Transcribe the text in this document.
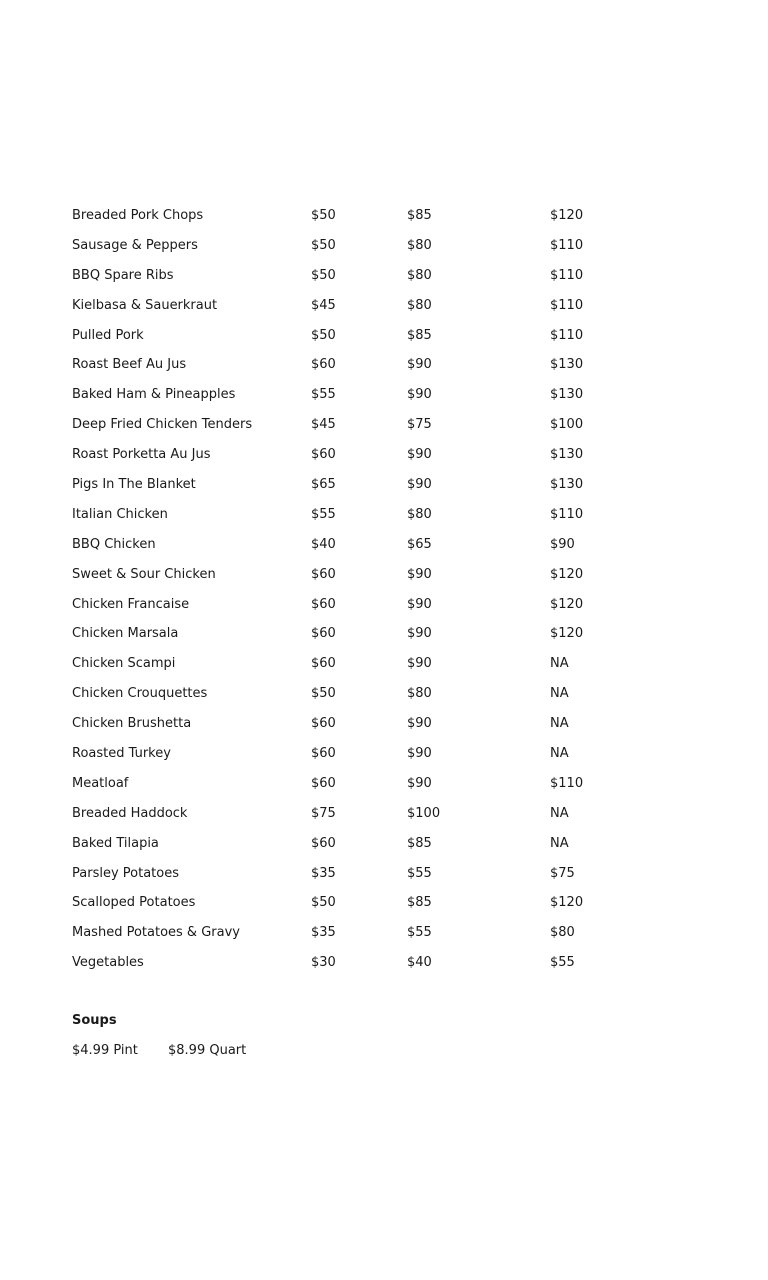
Breaded Pork Chops	$50	$85	$120
Sausage & Peppers	$50	$80	$110
BBQ Spare Ribs	$50	$80	$110
Kielbasa & Sauerkraut	$45	$80	$110
Pulled Pork	$50	$85	$110
Roast Beef Au Jus	$60	$90	$130
Baked Ham & Pineapples	$55	$90	$130
Deep Fried Chicken Tenders	$45	$75	$100
Roast Porketta Au Jus	$60	$90	$130
Pigs In The Blanket	$65	$90	$130
Italian Chicken	$55	$80	$110
BBQ Chicken	$40	$65	$90
Sweet & Sour Chicken	$60	$90	$120
Chicken Francaise	$60	$90	$120
Chicken Marsala	$60	$90	$120
Chicken Scampi	$60	$90	NA
Chicken Crouquettes	$50	$80	NA
Chicken Brushetta	$60	$90	NA
Roasted Turkey	$60	$90	NA
Meatloaf	$60	$90	$110
Breaded Haddock	$75	$100	NA
Baked Tilapia	$60	$85	NA
Parsley Potatoes	$35	$55	$75
Scalloped Potatoes	$50	$85	$120
Mashed Potatoes & Gravy	$35	$55	$80
Vegetables	$30	$40	$55
Soups
$4.99 Pint	$8.99 Quart
